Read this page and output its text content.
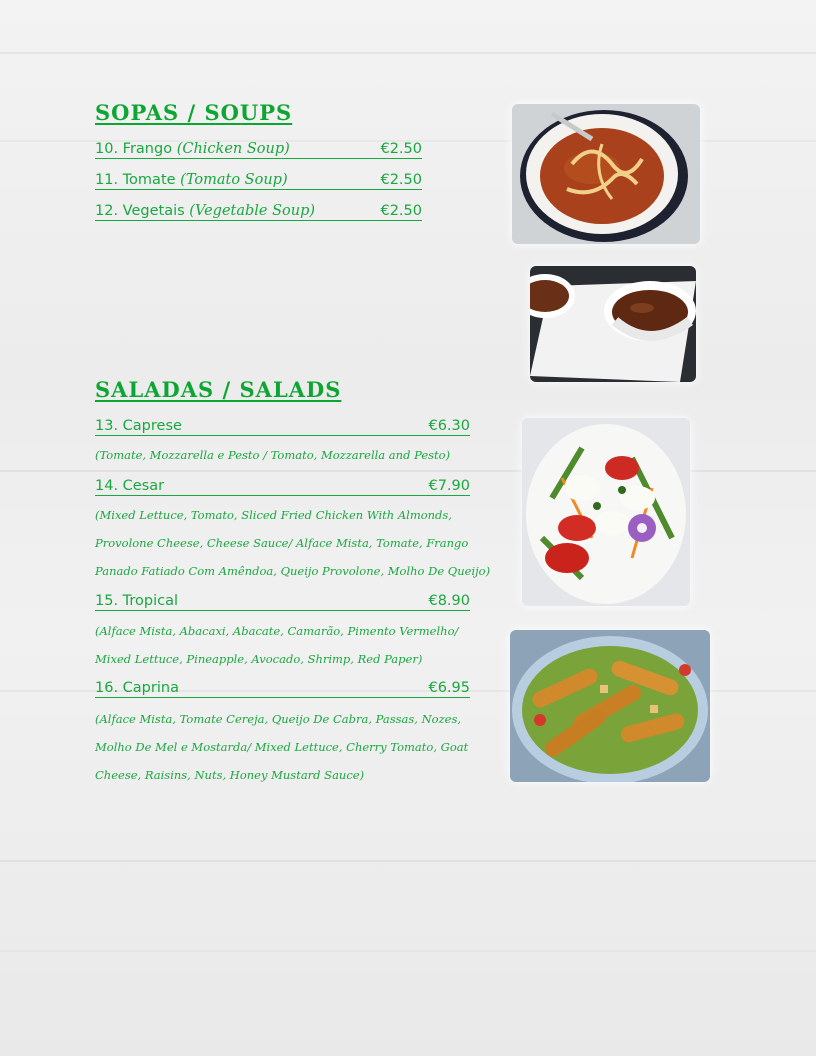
SOPAS / SOUPS
10. Frango (Chicken Soup)	€2.50
11. Tomate (Tomato Soup)	€2.50
12. Vegetais (Vegetable Soup)	€2.50
SALADAS / SALADS
13. Caprese	€6.30
(Tomate, Mozzarella e Pesto / Tomato, Mozzarella and Pesto)
14. Cesar	€7.90
(Mixed Lettuce, Tomato, Sliced Fried Chicken With Almonds,
Provolone Cheese, Cheese Sauce/ Alface Mista, Tomate, Frango
Panado Fatiado Com Amêndoa, Queijo Provolone, Molho De Queijo)
15. Tropical	€8.90
(Alface Mista, Abacaxi, Abacate, Camarão, Pimento Vermelho/
Mixed Lettuce, Pineapple, Avocado, Shrimp, Red Paper)
16. Caprina	€6.95
(Alface Mista, Tomate Cereja, Queijo De Cabra, Passas, Nozes,
Molho De Mel e Mostarda/ Mixed Lettuce, Cherry Tomato, Goat
Cheese, Raisins, Nuts, Honey Mustard Sauce)
